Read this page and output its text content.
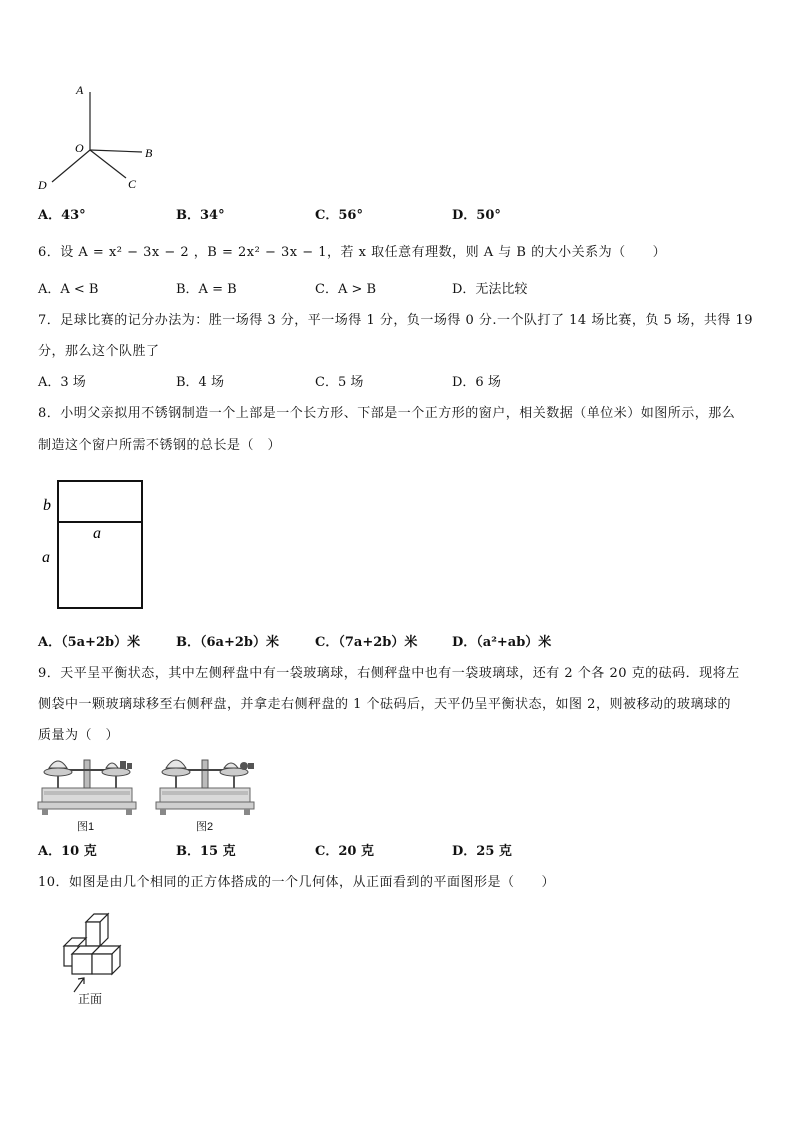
A
O	B
C
D
A．43°	B．34°	C．56°	D．50°
6．设 A = x² − 3x − 2 ，B = 2x² − 3x − 1，若 x 取任意有理数，则 A 与 B 的大小关系为（　　）
A．A < B	B．A = B	C．A > B	D．无法比较
7．足球比赛的记分办法为：胜一场得 3 分，平一场得 1 分，负一场得 0 分.一个队打了 14 场比赛，负 5 场，共得 19
分，那么这个队胜了
A．3 场	B．4 场	C．5 场	D．6 场
8．小明父亲拟用不锈钢制造一个上部是一个长方形、下部是一个正方形的窗户，相关数据（单位米）如图所示，那么
制造这个窗户所需不锈钢的总长是（　）
b
a
a
A．（5a+2b）米	B．（6a+2b）米	C．（7a+2b）米	D．（a²+ab）米
9．天平呈平衡状态，其中左侧秤盘中有一袋玻璃球，右侧秤盘中也有一袋玻璃球，还有 2 个各 20 克的砝码．现将左
侧袋中一颗玻璃球移至右侧秤盘，并拿走右侧秤盘的 1 个砝码后，天平仍呈平衡状态，如图 2，则被移动的玻璃球的
质量为（　）
图1	图2
A．10 克	B．15 克	C．20 克	D．25 克
10．如图是由几个相同的正方体搭成的一个几何体，从正面看到的平面图形是（　　）
正面
